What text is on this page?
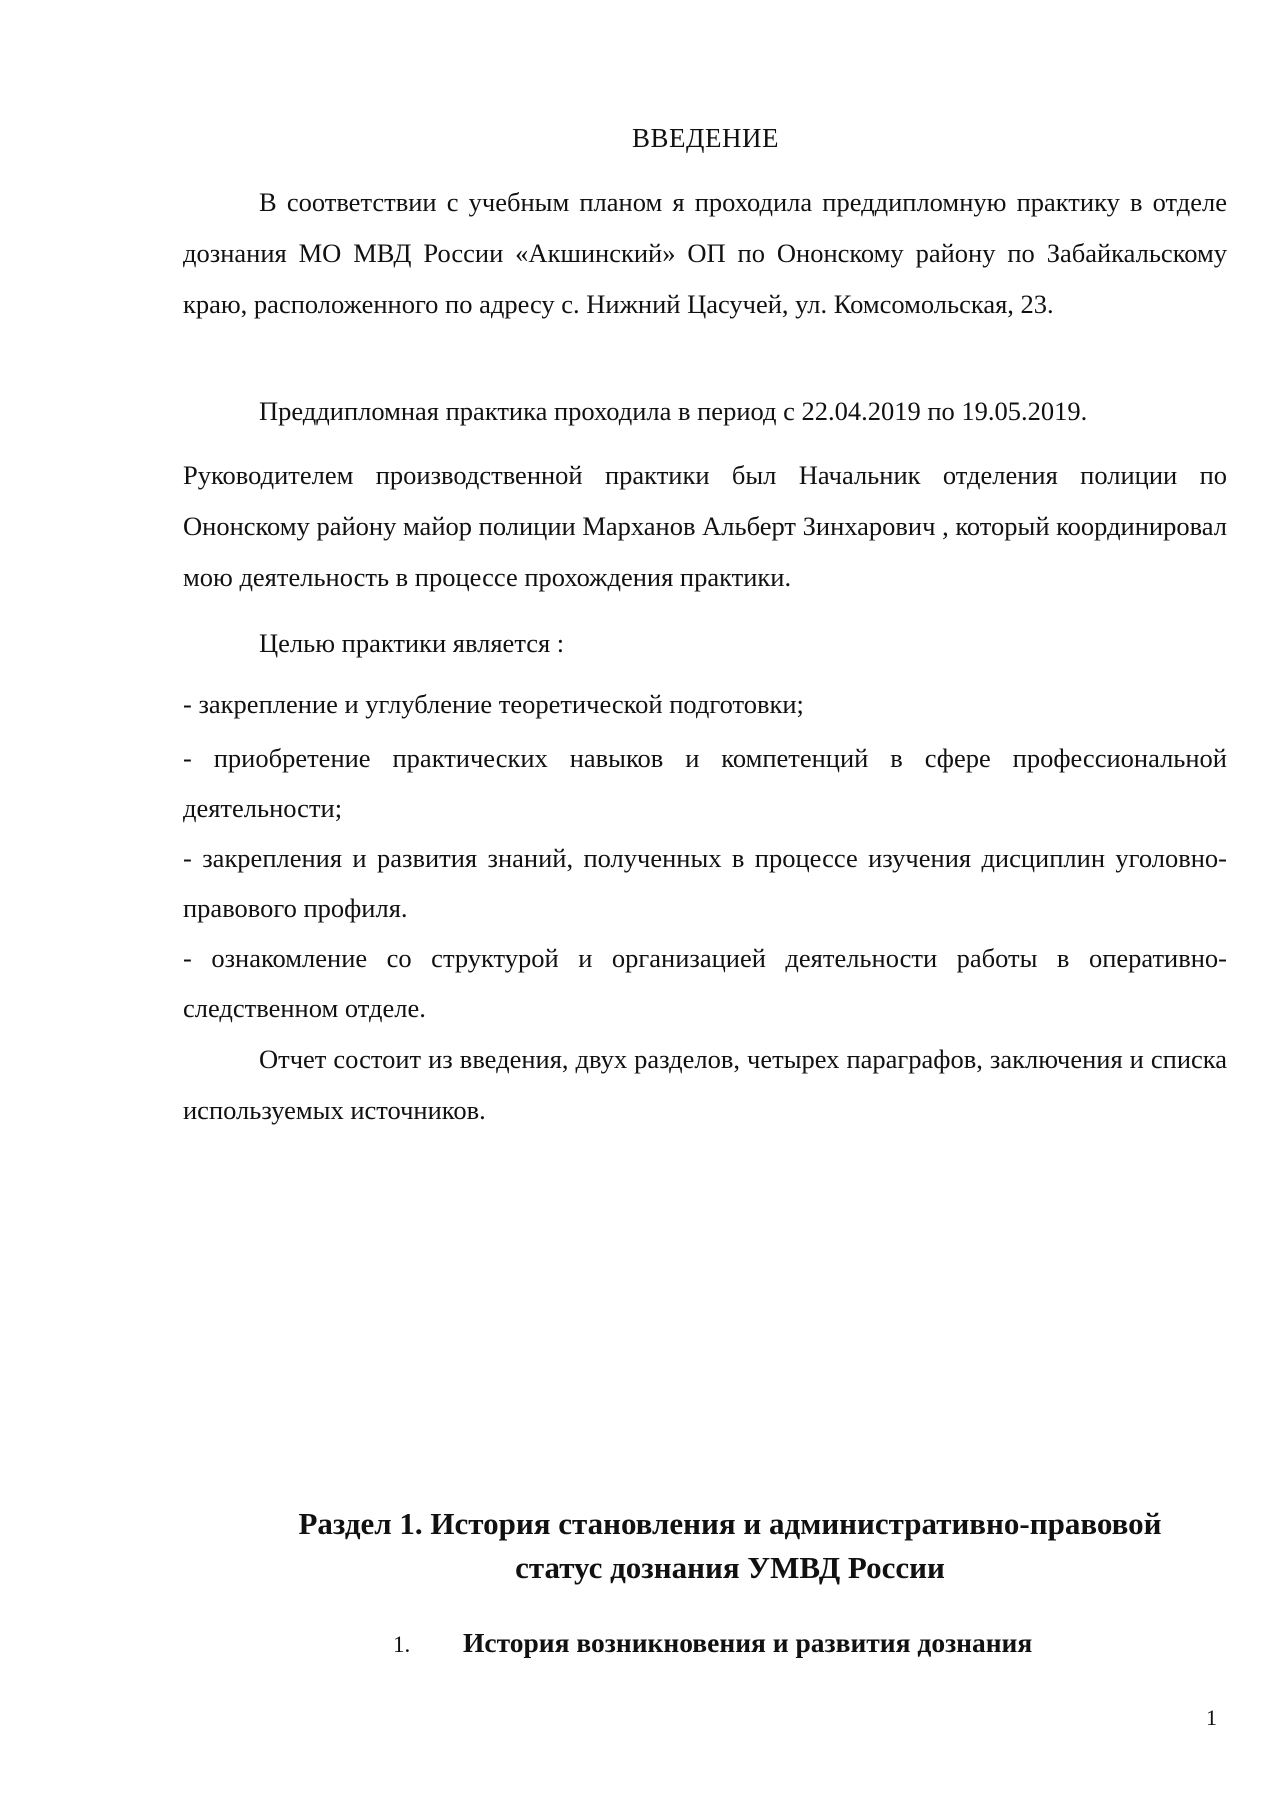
ВВЕДЕНИЕ
В соответствии с учебным планом я проходила преддипломную практику в отделе дознания МО МВД России «Акшинский» ОП по Ононскому району по Забайкальскому краю, расположенного по адресу с. Нижний Цасучей, ул. Комсомольская, 23.
Преддипломная практика проходила в период с 22.04.2019 по 19.05.2019.
Руководителем производственной практики был Начальник отделения полиции по Ононскому району майор полиции Марханов Альберт Зинхарович , который координировал мою деятельность в процессе прохождения практики.
Целью практики является :
- закрепление и углубление теоретической подготовки;
- приобретение практических навыков и компетенций в сфере профессиональной деятельности;
- закрепления и развития знаний, полученных в процессе изучения дисциплин уголовно-правового профиля.
- ознакомление со структурой и организацией деятельности работы в оперативно-следственном отделе.
Отчет состоит из введения, двух разделов, четырех параграфов, заключения и списка используемых источников.
Раздел 1. История становления и административно-правовой
статус дознания УМВД России
1. История возникновения и развития дознания
1
